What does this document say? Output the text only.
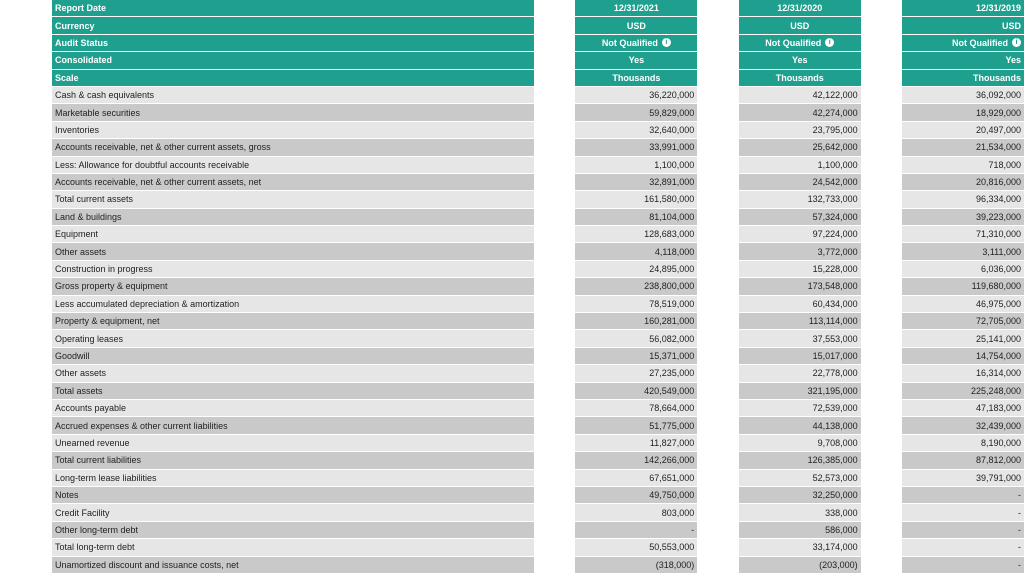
Report Date	12/31/2021	12/31/2020	12/31/2019
Currency	USD	USD	USD
Audit Status	Not Qualified	i	Not Qualified	i	Not Qualified	i
Consolidated	Yes	Yes	Yes
Scale	Thousands	Thousands	Thousands
Cash & cash equivalents	36,220,000	42,122,000	36,092,000
Marketable securities	59,829,000	42,274,000	18,929,000
Inventories	32,640,000	23,795,000	20,497,000
Accounts receivable, net & other current assets, gross	33,991,000	25,642,000	21,534,000
Less: Allowance for doubtful accounts receivable	1,100,000	1,100,000	718,000
Accounts receivable, net & other current assets, net	32,891,000	24,542,000	20,816,000
Total current assets	161,580,000	132,733,000	96,334,000
Land & buildings	81,104,000	57,324,000	39,223,000
Equipment	128,683,000	97,224,000	71,310,000
Other assets	4,118,000	3,772,000	3,111,000
Construction in progress	24,895,000	15,228,000	6,036,000
Gross property & equipment	238,800,000	173,548,000	119,680,000
Less accumulated depreciation & amortization	78,519,000	60,434,000	46,975,000
Property & equipment, net	160,281,000	113,114,000	72,705,000
Operating leases	56,082,000	37,553,000	25,141,000
Goodwill	15,371,000	15,017,000	14,754,000
Other assets	27,235,000	22,778,000	16,314,000
Total assets	420,549,000	321,195,000	225,248,000
Accounts payable	78,664,000	72,539,000	47,183,000
Accrued expenses & other current liabilities	51,775,000	44,138,000	32,439,000
Unearned revenue	11,827,000	9,708,000	8,190,000
Total current liabilities	142,266,000	126,385,000	87,812,000
Long-term lease liabilities	67,651,000	52,573,000	39,791,000
Notes	49,750,000	32,250,000	-
Credit Facility	803,000	338,000	-
Other long-term debt	-	586,000	-
Total long-term debt	50,553,000	33,174,000	-
Unamortized discount and issuance costs, net	(318,000)	(203,000)	-
